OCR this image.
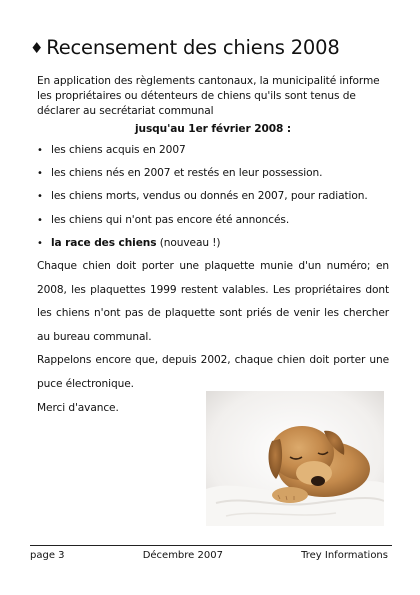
♦ Recensement des chiens 2008

En application des règlements cantonaux, la municipalité informe les propriétaires ou détenteurs de chiens qu'ils sont tenus de déclarer au secrétariat communal

jusqu'au 1er février 2008 :
• les chiens acquis en 2007
• les chiens nés en 2007 et restés en leur possession.
• les chiens morts, vendus ou donnés en 2007, pour radiation.
• les chiens qui n'ont pas encore été annoncés.
• la race des chiens (nouveau !)

Chaque chien doit porter une plaquette munie d'un numéro; en 2008, les plaquettes 1999 restent valables. Les propriétaires dont les chiens n'ont pas de plaquette sont priés de venir les chercher au bureau communal.

Rappelons encore que, depuis 2002, chaque chien doit porter une puce électronique.

Merci d'avance.

page 3	Décembre 2007	Trey Informations
